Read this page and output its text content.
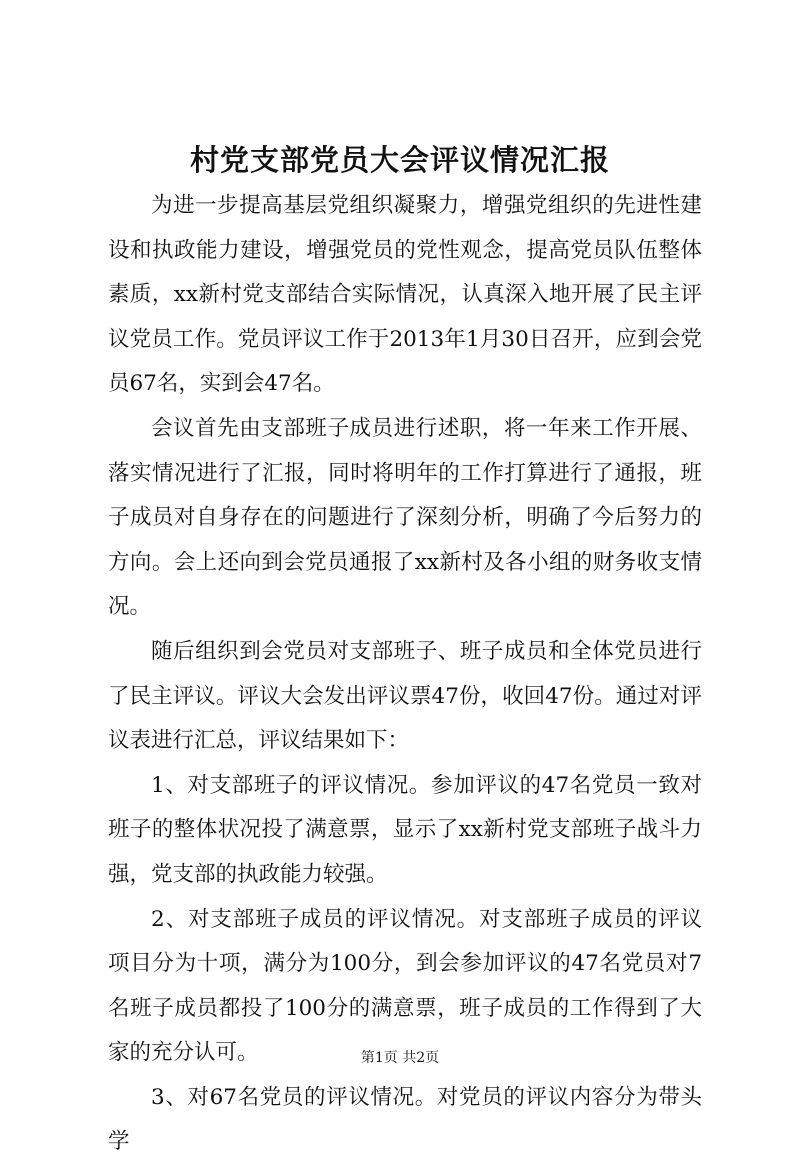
村党支部党员大会评议情况汇报

为进一步提高基层党组织凝聚力，增强党组织的先进性建设和执政能力建设，增强党员的党性观念，提高党员队伍整体素质，xx新村党支部结合实际情况，认真深入地开展了民主评议党员工作。党员评议工作于2013年1月30日召开，应到会党员67名，实到会47名。

会议首先由支部班子成员进行述职，将一年来工作开展、落实情况进行了汇报，同时将明年的工作打算进行了通报，班子成员对自身存在的问题进行了深刻分析，明确了今后努力的方向。会上还向到会党员通报了xx新村及各小组的财务收支情况。

随后组织到会党员对支部班子、班子成员和全体党员进行了民主评议。评议大会发出评议票47份，收回47份。通过对评议表进行汇总，评议结果如下：

1、对支部班子的评议情况。参加评议的47名党员一致对班子的整体状况投了满意票，显示了xx新村党支部班子战斗力强，党支部的执政能力较强。

2、对支部班子成员的评议情况。对支部班子成员的评议项目分为十项，满分为100分，到会参加评议的47名党员对7名班子成员都投了100分的满意票，班子成员的工作得到了大家的充分认可。

3、对67名党员的评议情况。对党员的评议内容分为带头学

第1页 共2页
